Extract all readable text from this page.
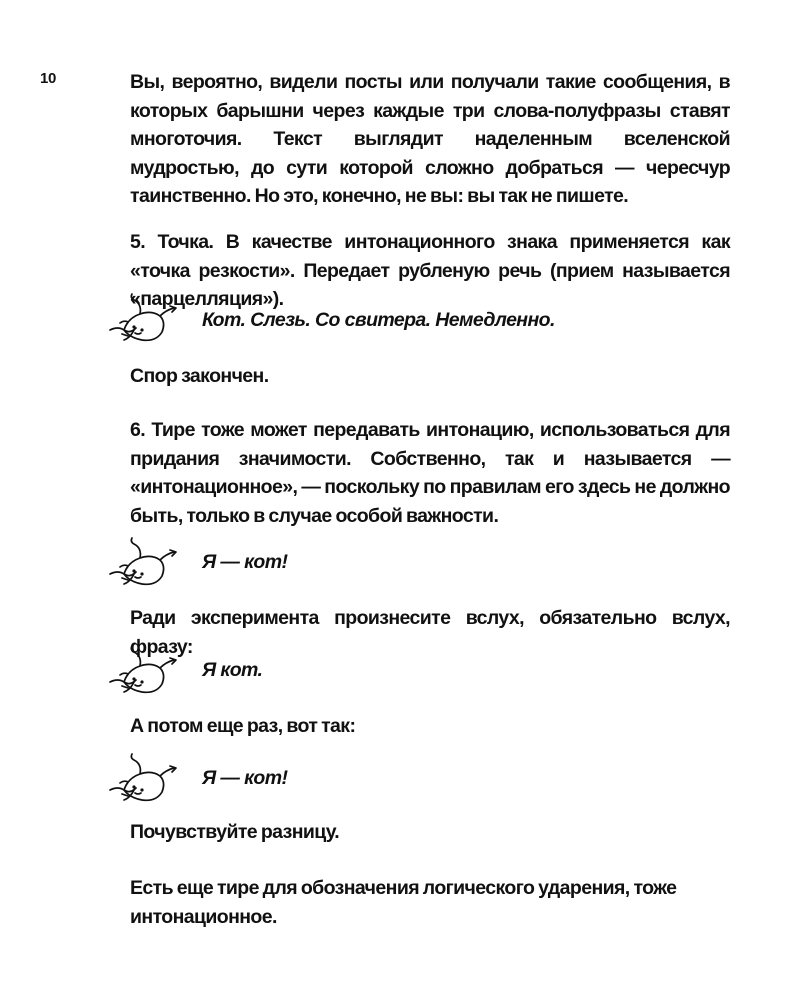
10	Вы, вероятно, видели посты или получали такие сообщения, в которых барышни через каждые три слова-полуфразы ставят многоточия. Текст выглядит наделенным вселенской мудростью, до сути которой сложно добраться — чересчур таинственно. Но это, конечно, не вы: вы так не пишете.

5. Точка. В качестве интонационного знака применяется как «точка резкости». Передает рубленую речь (прием называется «парцелляция»).

Кот. Слезь. Со свитера. Немедленно.

Спор закончен.

6. Тире тоже может передавать интонацию, использоваться для придания значимости. Собственно, так и называется — «интонационное», — поскольку по правилам его здесь не должно быть, только в случае особой важности.

Я — кот!

Ради эксперимента произнесите вслух, обязательно вслух, фразу:

Я кот.

А потом еще раз, вот так:

Я — кот!

Почувствуйте разницу.

Есть еще тире для обозначения логического ударения, тоже интонационное.
